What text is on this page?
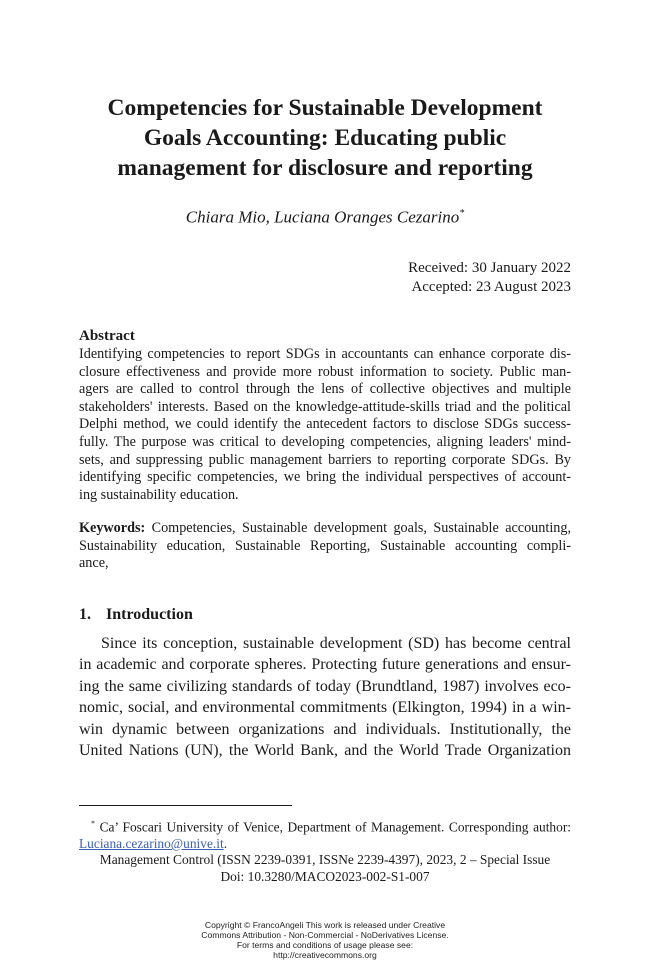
Competencies for Sustainable Development
Goals Accounting: Educating public
management for disclosure and reporting
Chiara Mio, Luciana Oranges Cezarino*
Received: 30 January 2022
Accepted: 23 August 2023
Abstract
Identifying competencies to report SDGs in accountants can enhance corporate dis-
closure effectiveness and provide more robust information to society. Public man-
agers are called to control through the lens of collective objectives and multiple
stakeholders' interests. Based on the knowledge-attitude-skills triad and the political
Delphi method, we could identify the antecedent factors to disclose SDGs success-
fully. The purpose was critical to developing competencies, aligning leaders' mind-
sets, and suppressing public management barriers to reporting corporate SDGs. By
identifying specific competencies, we bring the individual perspectives of account-
ing sustainability education.
Keywords: Competencies, Sustainable development goals, Sustainable accounting,
Sustainability education, Sustainable Reporting, Sustainable accounting compli-
ance,
1. Introduction
Since its conception, sustainable development (SD) has become central
in academic and corporate spheres. Protecting future generations and ensur-
ing the same civilizing standards of today (Brundtland, 1987) involves eco-
nomic, social, and environmental commitments (Elkington, 1994) in a win-
win dynamic between organizations and individuals. Institutionally, the
United Nations (UN), the World Bank, and the World Trade Organization
* Ca’ Foscari University of Venice, Department of Management. Corresponding author:
Luciana.cezarino@unive.it.
Management Control (ISSN 2239-0391, ISSNe 2239-4397), 2023, 2 – Special Issue
Doi: 10.3280/MACO2023-002-S1-007
Copyright © FrancoAngeli This work is released under Creative
Commons Attribution - Non-Commercial - NoDerivatives License.
For terms and conditions of usage please see:
http://creativecommons.org
